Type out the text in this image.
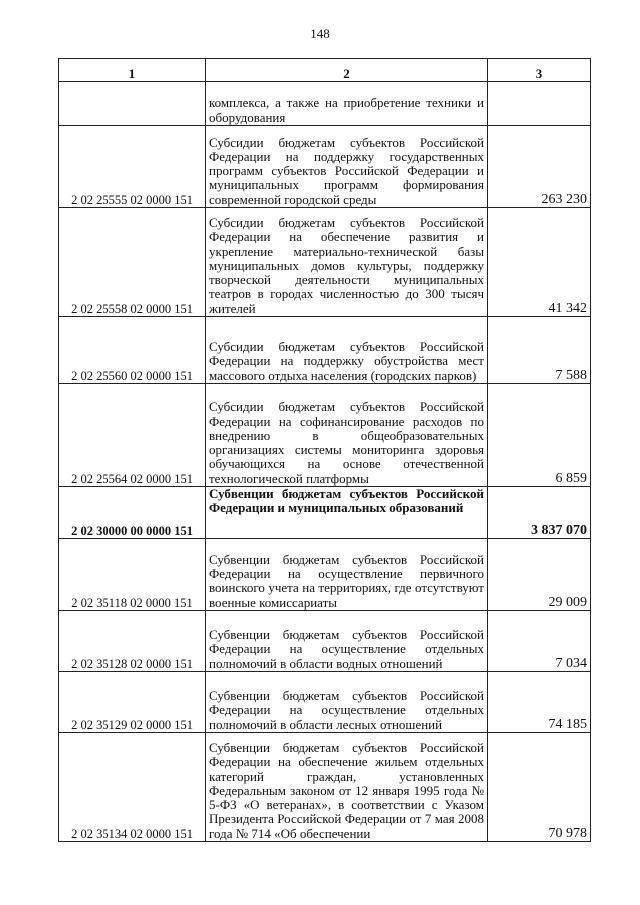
148
1	2	3
	комплекса, а также на приобретение техники и оборудования	
2 02 25555 02 0000 151	Субсидии бюджетам субъектов Российской Федерации на поддержку государственных программ субъектов Российской Федерации и муниципальных программ формирования современной городской среды	263 230
2 02 25558 02 0000 151	Субсидии бюджетам субъектов Российской Федерации на обеспечение развития и укрепление материально-технической базы муниципальных домов культуры, поддержку творческой деятельности муниципальных театров в городах численностью до 300 тысяч жителей	41 342
2 02 25560 02 0000 151	Субсидии бюджетам субъектов Российской Федерации на поддержку обустройства мест массового отдыха населения (городских парков)	7 588
2 02 25564 02 0000 151	Субсидии бюджетам субъектов Российской Федерации на софинансирование расходов по внедрению в общеобразовательных организациях системы мониторинга здоровья обучающихся на основе отечественной технологической платформы	6 859
2 02 30000 00 0000 151	Субвенции бюджетам субъектов Российской Федерации и муниципальных образований	3 837 070
2 02 35118 02 0000 151	Субвенции бюджетам субъектов Российской Федерации на осуществление первичного воинского учета на территориях, где отсутствуют военные комиссариаты	29 009
2 02 35128 02 0000 151	Субвенции бюджетам субъектов Российской Федерации на осуществление отдельных полномочий в области водных отношений	7 034
2 02 35129 02 0000 151	Субвенции бюджетам субъектов Российской Федерации на осуществление отдельных полномочий в области лесных отношений	74 185
2 02 35134 02 0000 151	Субвенции бюджетам субъектов Российской Федерации на обеспечение жильем отдельных категорий граждан, установленных Федеральным законом от 12 января 1995 года № 5-ФЗ «О ветеранах», в соответствии с Указом Президента Российской Федерации от 7 мая 2008 года № 714 «Об обеспечении	70 978
